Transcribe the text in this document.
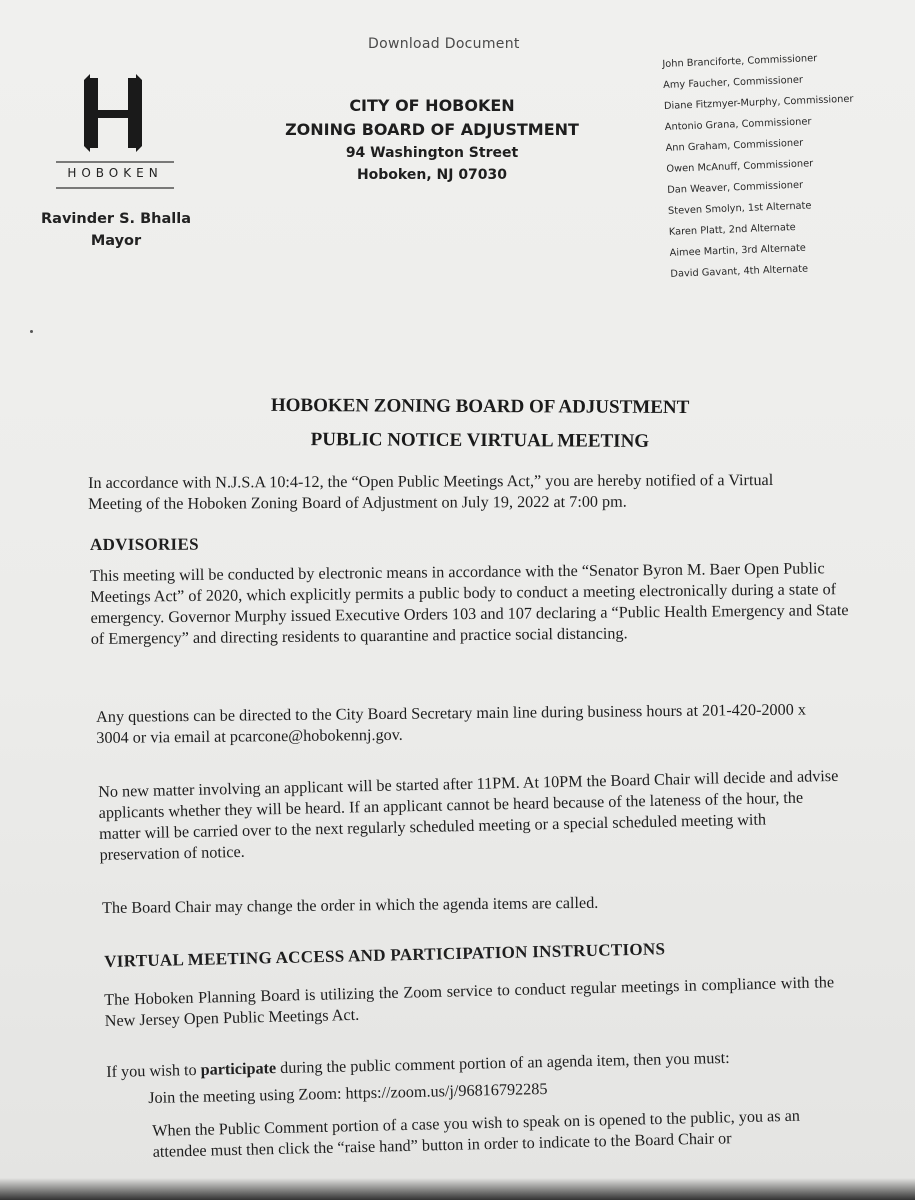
Download Document
HOBOKEN
Ravinder S. Bhalla
Mayor
CITY OF HOBOKEN
ZONING BOARD OF ADJUSTMENT
94 Washington Street
Hoboken, NJ 07030
John Branciforte, Commissioner
Amy Faucher, Commissioner
Diane Fitzmyer-Murphy, Commissioner
Antonio Grana, Commissioner
Ann Graham, Commissioner
Owen McAnuff, Commissioner
Dan Weaver, Commissioner
Steven Smolyn, 1st Alternate
Karen Platt, 2nd Alternate
Aimee Martin, 3rd Alternate
David Gavant, 4th Alternate
HOBOKEN ZONING BOARD OF ADJUSTMENT
PUBLIC NOTICE VIRTUAL MEETING

In accordance with N.J.S.A 10:4-12, the “Open Public Meetings Act,” you are hereby notified of a Virtual Meeting of the Hoboken Zoning Board of Adjustment on July 19, 2022 at 7:00 pm.

ADVISORIES

This meeting will be conducted by electronic means in accordance with the “Senator Byron M. Baer Open Public Meetings Act” of 2020, which explicitly permits a public body to conduct a meeting electronically during a state of emergency. Governor Murphy issued Executive Orders 103 and 107 declaring a “Public Health Emergency and State of Emergency” and directing residents to quarantine and practice social distancing.

Any questions can be directed to the City Board Secretary main line during business hours at 201-420-2000 x 3004 or via email at pcarcone@hobokennj.gov.

No new matter involving an applicant will be started after 11PM. At 10PM the Board Chair will decide and advise applicants whether they will be heard. If an applicant cannot be heard because of the lateness of the hour, the matter will be carried over to the next regularly scheduled meeting or a special scheduled meeting with preservation of notice.

The Board Chair may change the order in which the agenda items are called.

VIRTUAL MEETING ACCESS AND PARTICIPATION INSTRUCTIONS

The Hoboken Planning Board is utilizing the Zoom service to conduct regular meetings in compliance with the New Jersey Open Public Meetings Act.

If you wish to participate during the public comment portion of an agenda item, then you must:
Join the meeting using Zoom: https://zoom.us/j/96816792285

When the Public Comment portion of a case you wish to speak on is opened to the public, you as an attendee must then click the “raise hand” button in order to indicate to the Board Chair or
